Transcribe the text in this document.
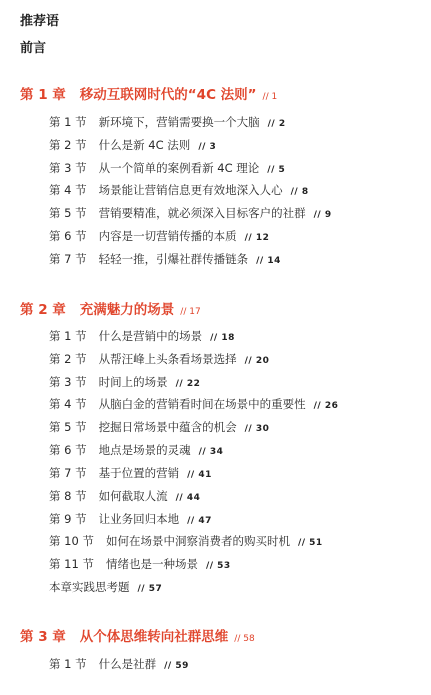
推荐语
前言
第 1 章 移动互联网时代的“4C 法则” // 1
第 1 节 新环境下，营销需要换一个大脑 // 2
第 2 节 什么是新 4C 法则 // 3
第 3 节 从一个简单的案例看新 4C 理论 // 5
第 4 节 场景能让营销信息更有效地深入人心 // 8
第 5 节 营销要精准，就必须深入目标客户的社群 // 9
第 6 节 内容是一切营销传播的本质 // 12
第 7 节 轻轻一推，引爆社群传播链条 // 14
第 2 章 充满魅力的场景 // 17
第 1 节 什么是营销中的场景 // 18
第 2 节 从帮汪峰上头条看场景选择 // 20
第 3 节 时间上的场景 // 22
第 4 节 从脑白金的营销看时间在场景中的重要性 // 26
第 5 节 挖掘日常场景中蕴含的机会 // 30
第 6 节 地点是场景的灵魂 // 34
第 7 节 基于位置的营销 // 41
第 8 节 如何截取人流 // 44
第 9 节 让业务回归本地 // 47
第 10 节 如何在场景中洞察消费者的购买时机 // 51
第 11 节 情绪也是一种场景 // 53
本章实践思考题 // 57
第 3 章 从个体思维转向社群思维 // 58
第 1 节 什么是社群 // 59
